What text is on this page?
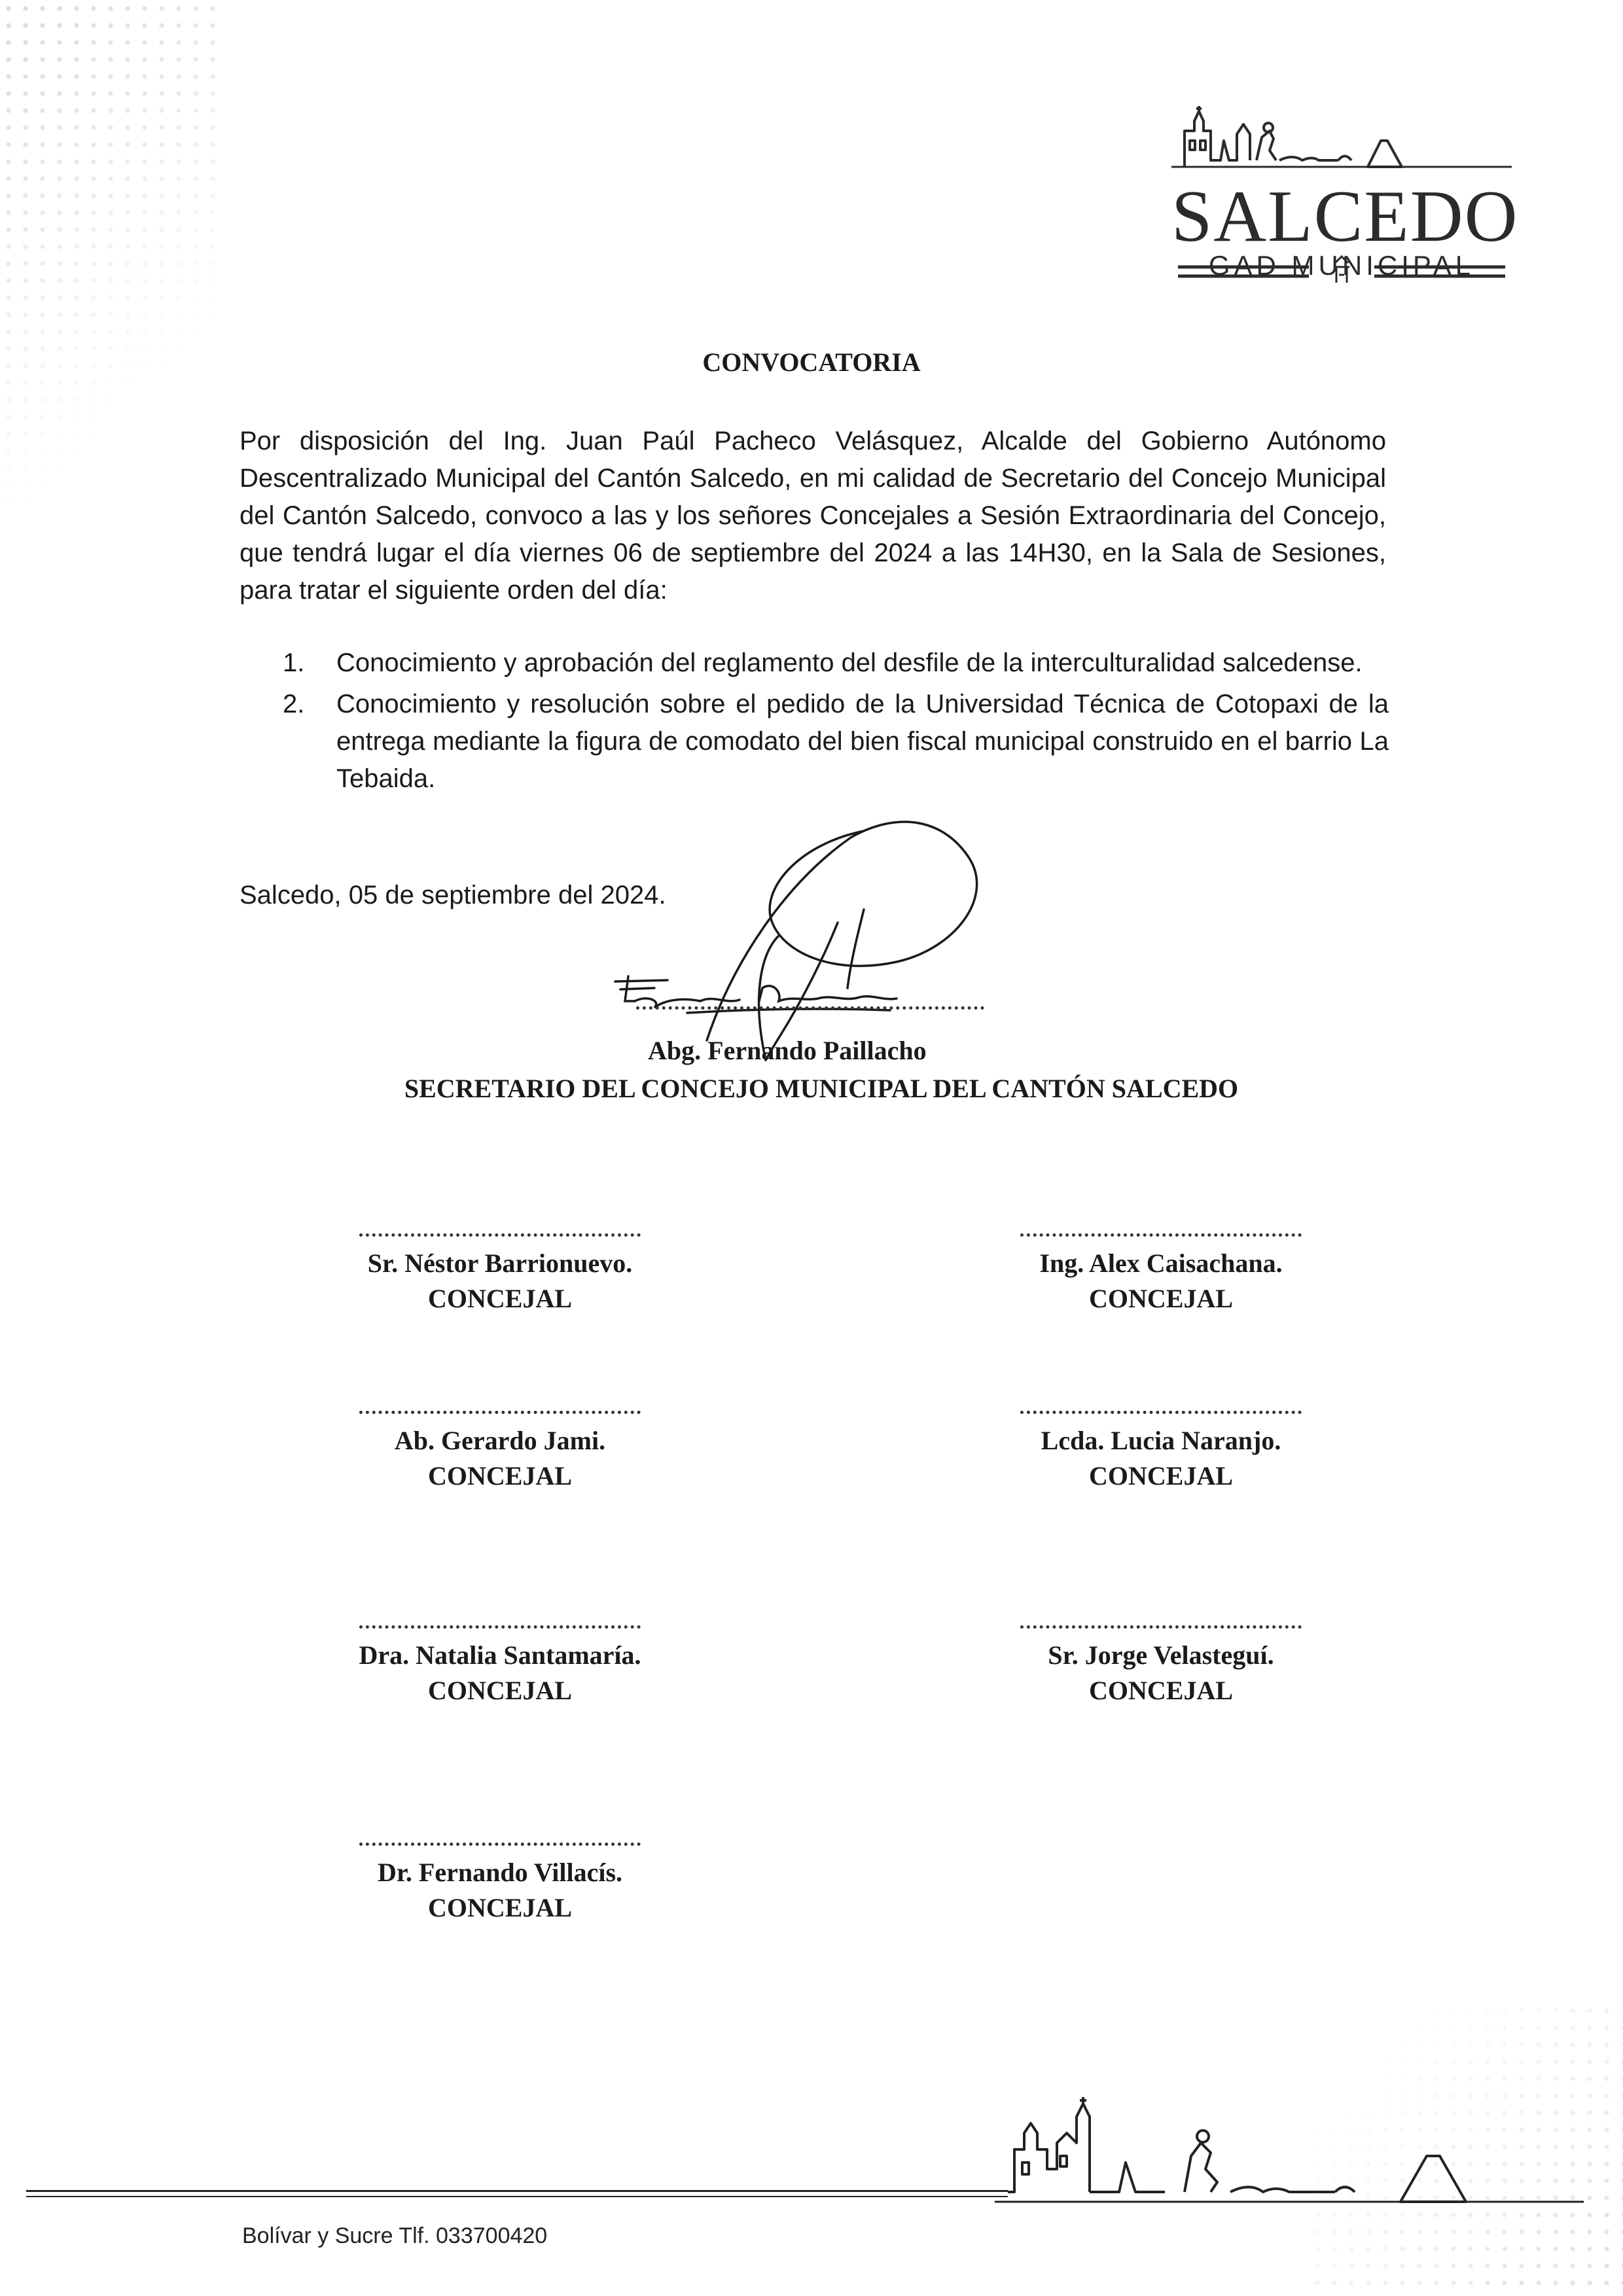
SALCEDO
GAD MUNICIPAL
CONVOCATORIA

Por disposición del Ing. Juan Paúl Pacheco Velásquez, Alcalde del Gobierno Autónomo Descentralizado Municipal del Cantón Salcedo, en mi calidad de Secretario del Concejo Municipal del Cantón Salcedo, convoco a las y los señores Concejales a Sesión Extraordinaria del Concejo, que tendrá lugar el día viernes 06 de septiembre del 2024 a las 14H30, en la Sala de Sesiones, para tratar el siguiente orden del día:

1. Conocimiento y aprobación del reglamento del desfile de la interculturalidad salcedense.
2. Conocimiento y resolución sobre el pedido de la Universidad Técnica de Cotopaxi de la entrega mediante la figura de comodato del bien fiscal municipal construido en el barrio La Tebaida.
Salcedo, 05 de septiembre del 2024.
Abg. Fernando Paillacho
SECRETARIO DEL CONCEJO MUNICIPAL DEL CANTÓN SALCEDO
Sr. Néstor Barrionuevo.
CONCEJAL
Ing. Alex Caisachana.
CONCEJAL
Ab. Gerardo Jami.
CONCEJAL
Lcda. Lucia Naranjo.
CONCEJAL
Dra. Natalia Santamaría.
CONCEJAL
Sr. Jorge Velasteguí.
CONCEJAL
Dr. Fernando Villacís.
CONCEJAL
Bolívar y Sucre Tlf. 033700420
